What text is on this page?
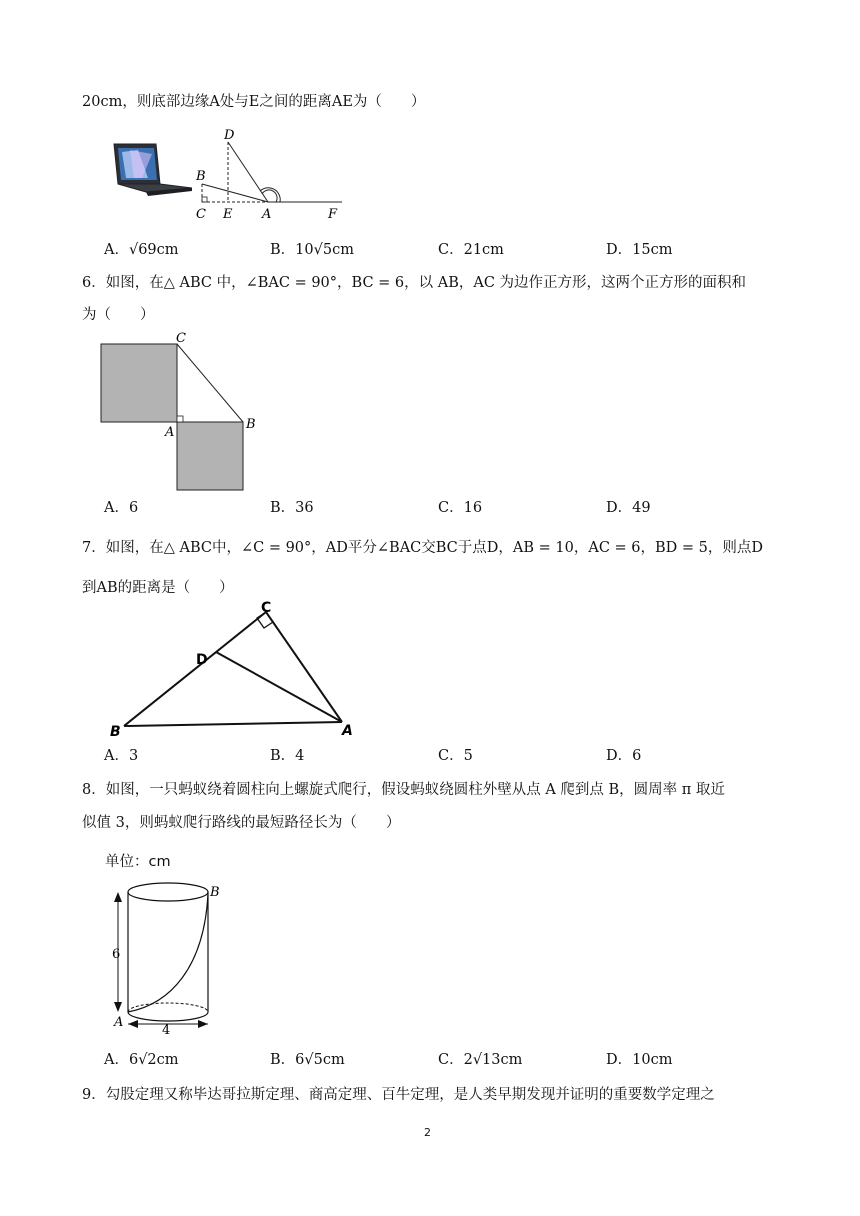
20cm，则底部边缘A处与E之间的距离AE为（　　）
D
B
C E A	F
A．√69cm	B．10√5cm	C．21cm	D．15cm
6．如图，在△ ABC 中，∠BAC = 90°，BC = 6，以 AB，AC 为边作正方形，这两个正方形的面积和
为（　　）
C
A
B
A．6	B．36	C．16	D．49
7．如图，在△ ABC中，∠C = 90°，AD平分∠BAC交BC于点D，AB = 10，AC = 6，BD = 5，则点D
到AB的距离是（　　）
C
D
B	A
A．3	B．4	C．5	D．6
8．如图，一只蚂蚁绕着圆柱向上螺旋式爬行，假设蚂蚁绕圆柱外壁从点 A 爬到点 B，圆周率 π 取近
似值 3，则蚂蚁爬行路线的最短路径长为（　　）
单位：cm
6
4
B
A
A．6√2cm	B．6√5cm	C．2√13cm	D．10cm
9．勾股定理又称毕达哥拉斯定理、商高定理、百牛定理，是人类早期发现并证明的重要数学定理之
2
